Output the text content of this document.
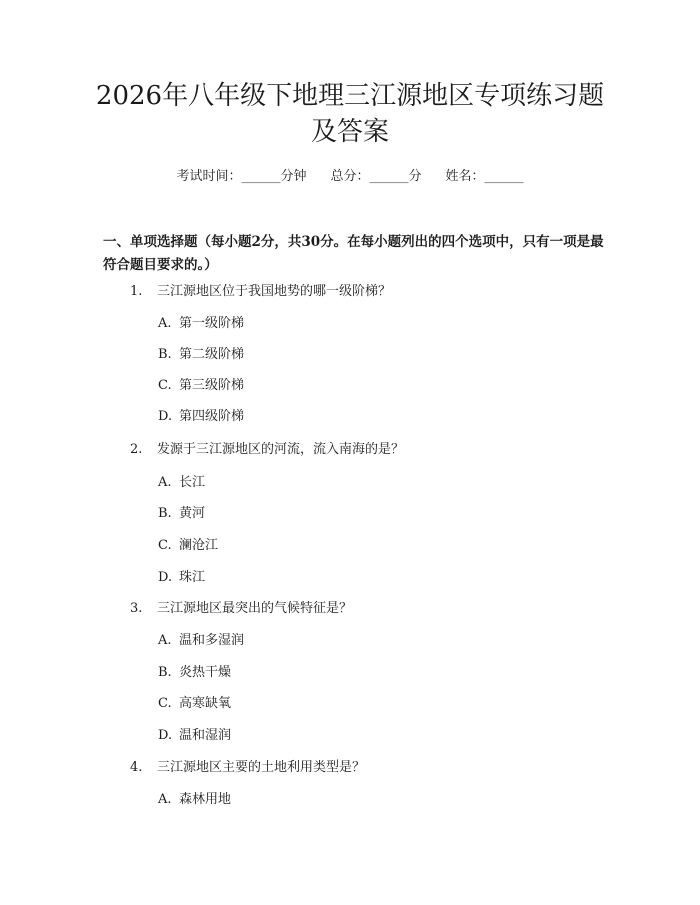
2026年八年级下地理三江源地区专项练习题
及答案
考试时间：______分钟 总分：______分 姓名：______
一、单项选择题（每小题2分，共30分。在每小题列出的四个选项中，只有一项是最符合题目要求的。）
1. 三江源地区位于我国地势的哪一级阶梯？
A. 第一级阶梯
B. 第二级阶梯
C. 第三级阶梯
D. 第四级阶梯
2. 发源于三江源地区的河流，流入南海的是？
A. 长江
B. 黄河
C. 澜沧江
D. 珠江
3. 三江源地区最突出的气候特征是？
A. 温和多湿润
B. 炎热干燥
C. 高寒缺氧
D. 温和湿润
4. 三江源地区主要的土地利用类型是？
A. 森林用地
